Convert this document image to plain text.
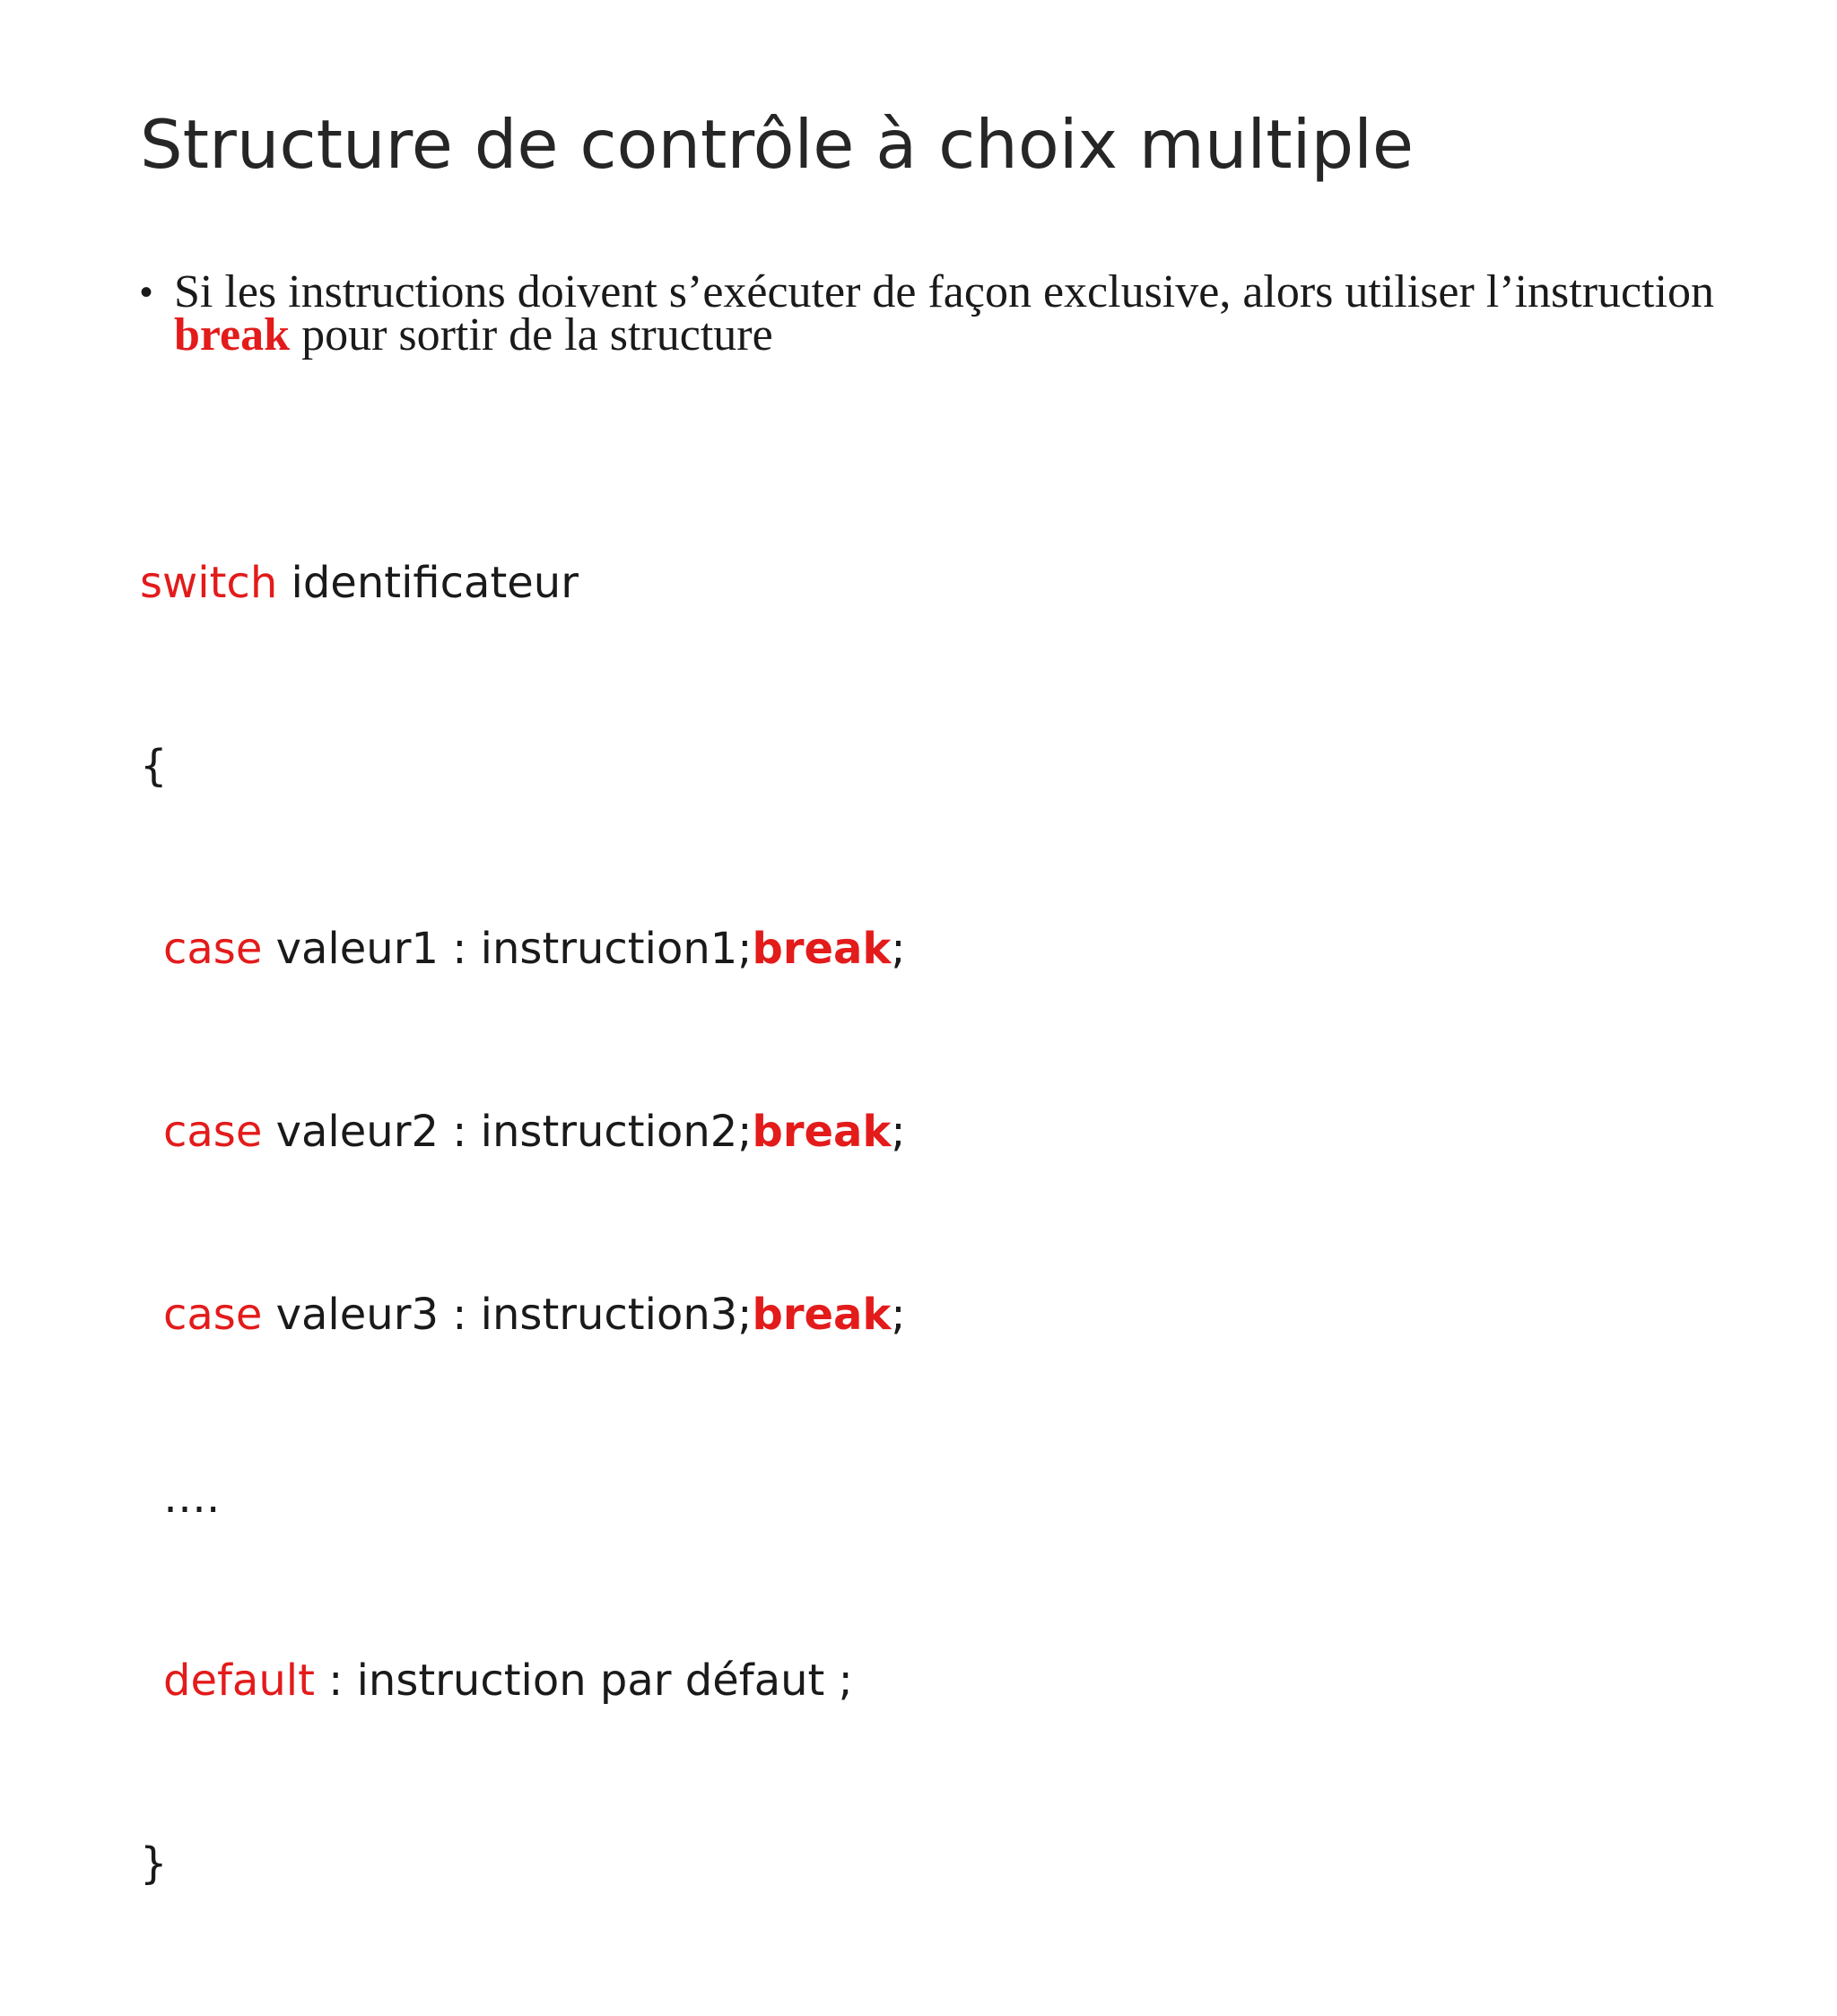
Structure de contrôle à choix multiple
• Si les instructions doivent s’exécuter de façon exclusive, alors utiliser l’instruction break pour sortir de la structure

switch identificateur

{

case valeur1 : instruction1;break;

case valeur2 : instruction2;break;

case valeur3 : instruction3;break;

….

default : instruction par défaut ;

}
